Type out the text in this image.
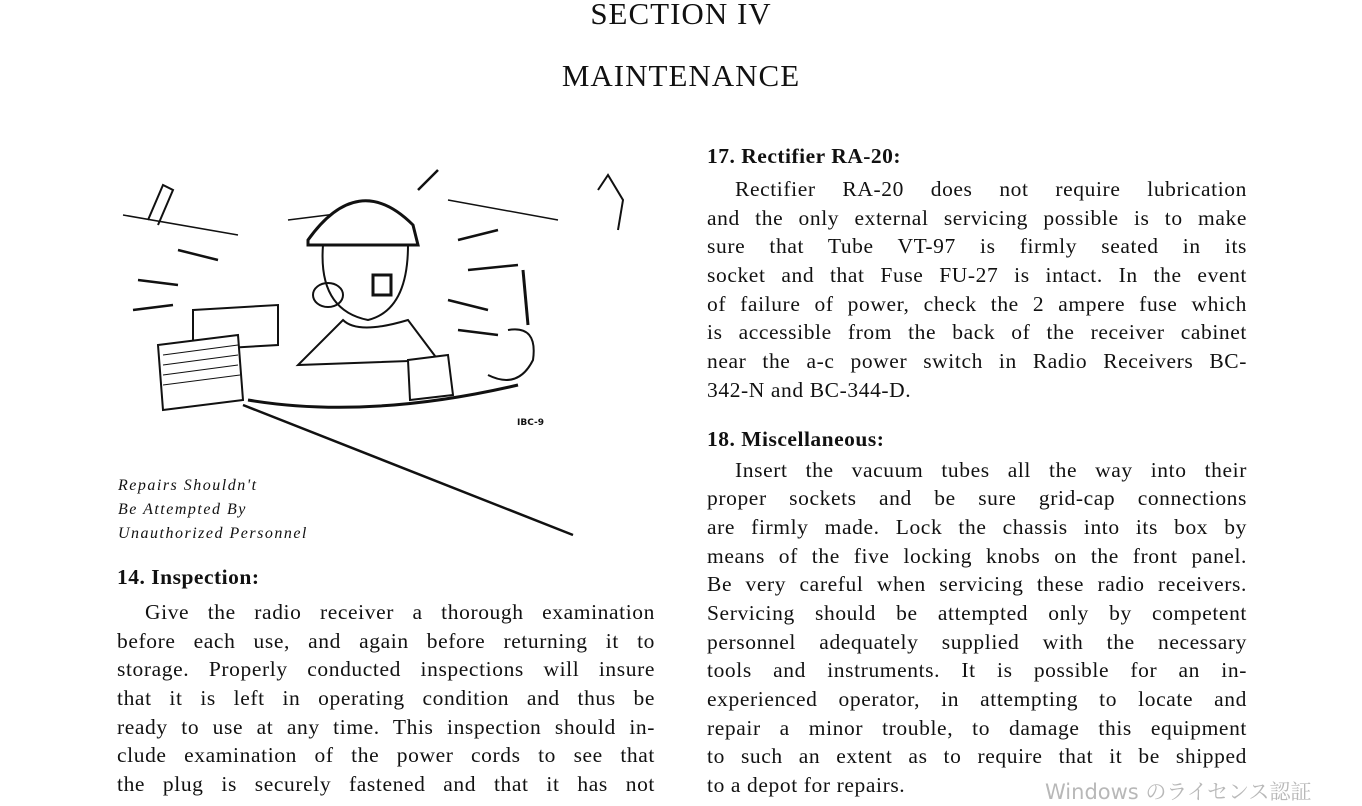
SECTION IV
MAINTENANCE
IBC-9
Repairs Shouldn't
Be Attempted By
Unauthorized Personnel
14. Inspection:
Give the radio receiver a thorough examination
before each use, and again before returning it to
storage. Properly conducted inspections will insure
that it is left in operating condition and thus be
ready to use at any time. This inspection should in-
clude examination of the power cords to see that
the plug is securely fastened and that it has not
17. Rectifier RA-20:
Rectifier RA-20 does not require lubrication
and the only external servicing possible is to make
sure that Tube VT-97 is firmly seated in its
socket and that Fuse FU-27 is intact. In the event
of failure of power, check the 2 ampere fuse which
is accessible from the back of the receiver cabinet
near the a-c power switch in Radio Receivers BC-
342-N and BC-344-D.
18. Miscellaneous:
Insert the vacuum tubes all the way into their
proper sockets and be sure grid-cap connections
are firmly made. Lock the chassis into its box by
means of the five locking knobs on the front panel.
Be very careful when servicing these radio receivers.
Servicing should be attempted only by competent
personnel adequately supplied with the necessary
tools and instruments. It is possible for an in-
experienced operator, in attempting to locate and
repair a minor trouble, to damage this equipment
to such an extent as to require that it be shipped
to a depot for repairs.	Windows のライセンス認証
